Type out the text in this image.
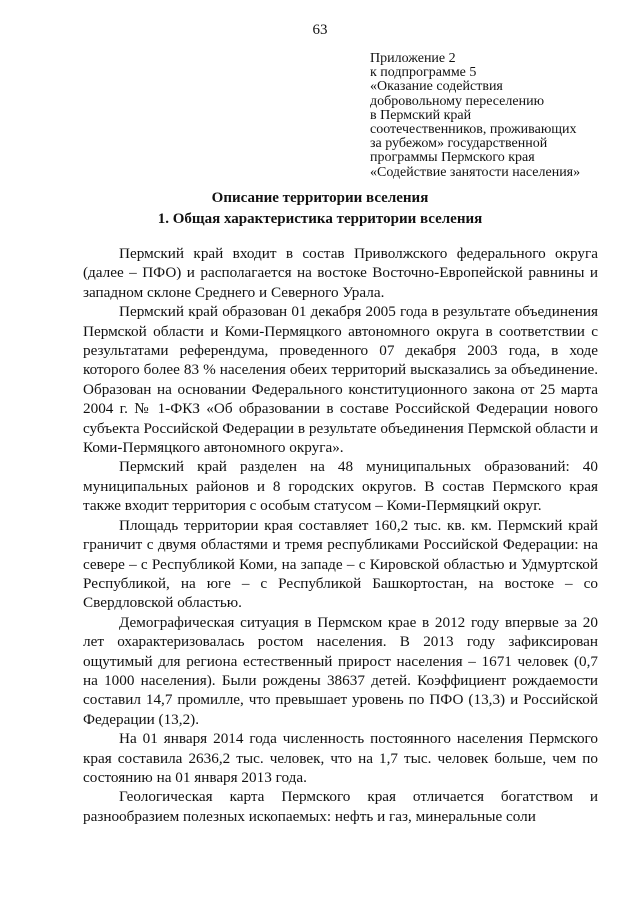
63
Приложение 2
к подпрограмме 5
«Оказание содействия
добровольному переселению
в Пермский край
соотечественников, проживающих
за рубежом» государственной
программы Пермского края
«Содействие занятости населения»
Описание территории вселения
1. Общая характеристика территории вселения

Пермский край входит в состав Приволжского федерального округа (далее – ПФО) и располагается на востоке Восточно-Европейской равнины и западном склоне Среднего и Северного Урала.

Пермский край образован 01 декабря 2005 года в результате объединения Пермской области и Коми-Пермяцкого автономного округа в соответствии с результатами референдума, проведенного 07 декабря 2003 года, в ходе которого более 83 % населения обеих территорий высказались за объединение. Образован на основании Федерального конституционного закона от 25 марта 2004 г. № 1-ФКЗ «Об образовании в составе Российской Федерации нового субъекта Российской Федерации в результате объединения Пермской области и Коми-Пермяцкого автономного округа».

Пермский край разделен на 48 муниципальных образований: 40 муниципальных районов и 8 городских округов. В состав Пермского края также входит территория с особым статусом – Коми-Пермяцкий округ.

Площадь территории края составляет 160,2 тыс. кв. км. Пермский край граничит с двумя областями и тремя республиками Российской Федерации: на севере – с Республикой Коми, на западе – с Кировской областью и Удмуртской Республикой, на юге – с Республикой Башкортостан, на востоке – со Свердловской областью.

Демографическая ситуация в Пермском крае в 2012 году впервые за 20 лет охарактеризовалась ростом населения. В 2013 году зафиксирован ощутимый для региона естественный прирост населения – 1671 человек (0,7 на 1000 населения). Были рождены 38637 детей. Коэффициент рождаемости составил 14,7 промилле, что превышает уровень по ПФО (13,3) и Российской Федерации (13,2).

На 01 января 2014 года численность постоянного населения Пермского края составила 2636,2 тыс. человек, что на 1,7 тыс. человек больше, чем по состоянию на 01 января 2013 года.

Геологическая карта Пермского края отличается богатством и разнообразием полезных ископаемых: нефть и газ, минеральные соли
